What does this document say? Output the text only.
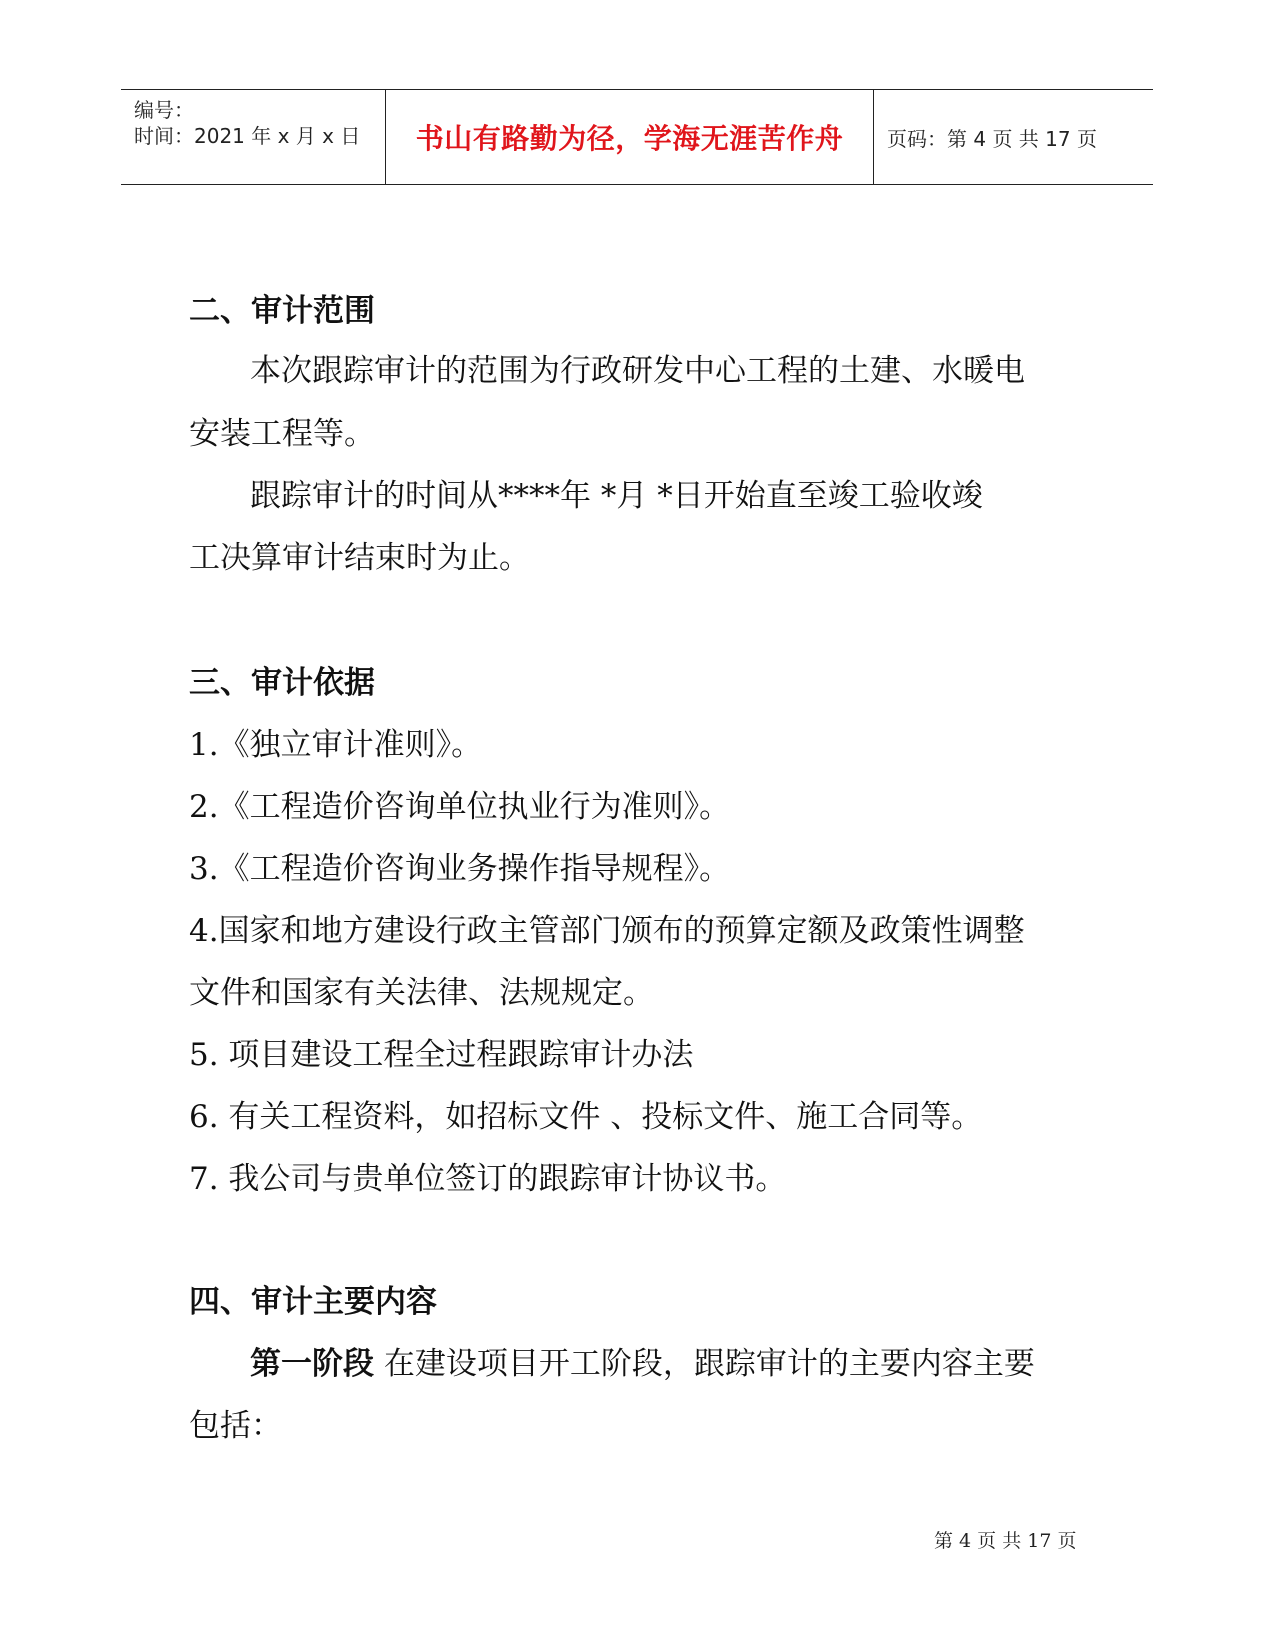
编号：
时间：2021 年 x 月 x 日 书山有路勤为径，学海无涯苦作舟 页码：第 4 页 共 17 页
二、审计范围
本次跟踪审计的范围为行政研发中心工程的土建、水暖电
安装工程等。
跟踪审计的时间从****年 *月 *日开始直至竣工验收竣
工决算审计结束时为止。
三、审计依据
1.《独立审计准则》。
2.《工程造价咨询单位执业行为准则》。
3.《工程造价咨询业务操作指导规程》。
4.国家和地方建设行政主管部门颁布的预算定额及政策性调整
文件和国家有关法律、法规规定。
5. 项目建设工程全过程跟踪审计办法
6. 有关工程资料，如招标文件 、投标文件、施工合同等。
7. 我公司与贵单位签订的跟踪审计协议书。
四、审计主要内容
第一阶段 在建设项目开工阶段，跟踪审计的主要内容主要
包括：
第 4 页 共 17 页
